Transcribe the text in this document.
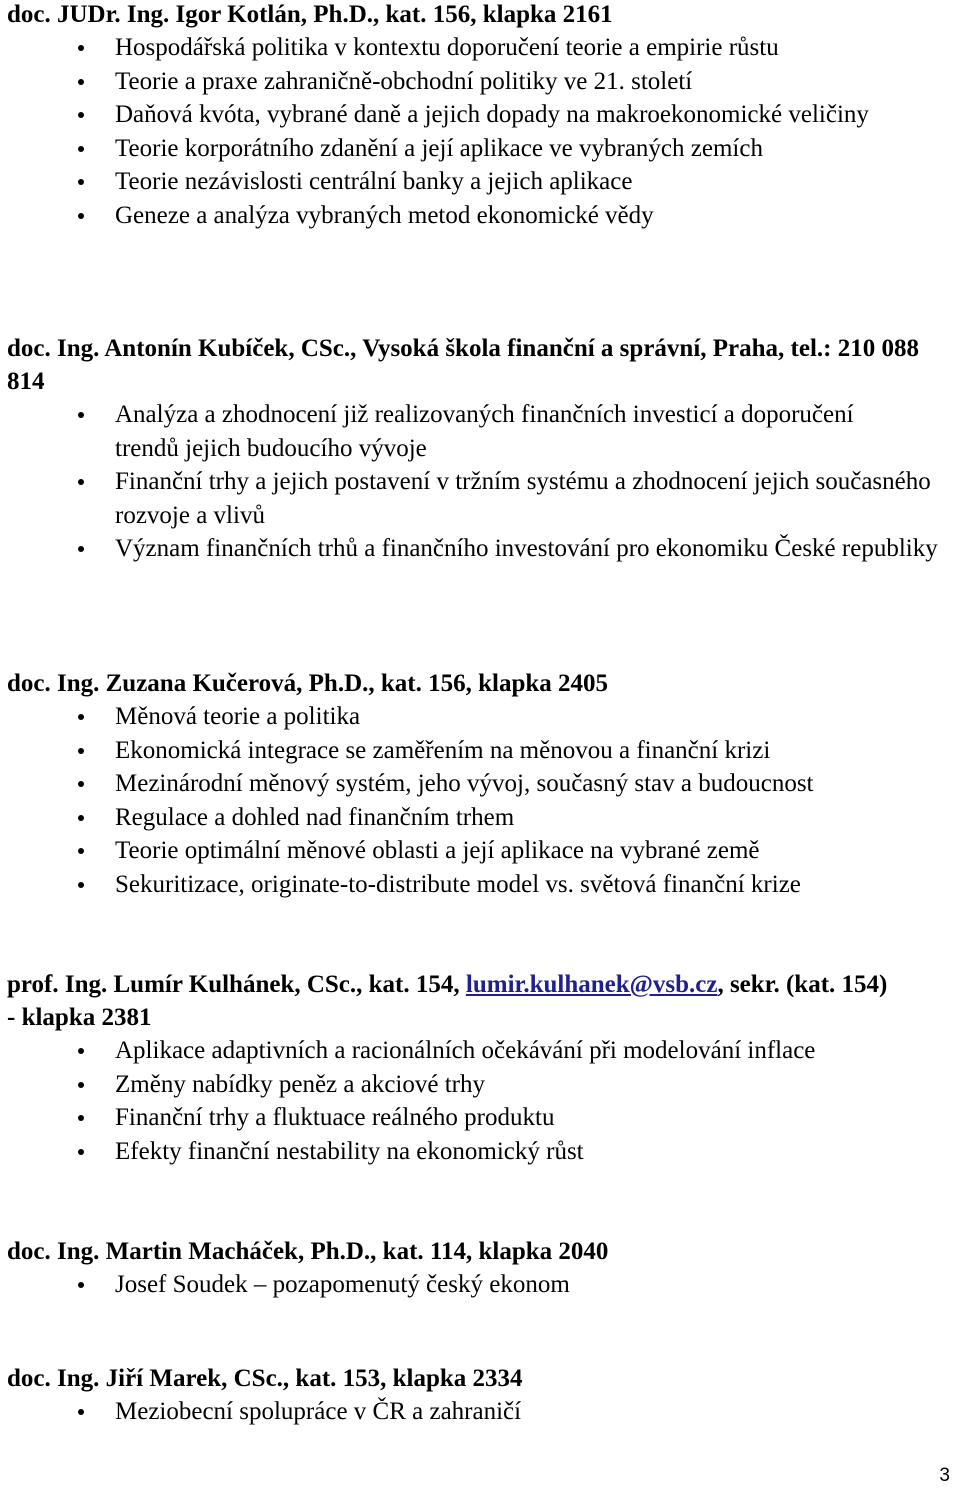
doc. JUDr. Ing. Igor Kotlán, Ph.D., kat. 156, klapka 2161

Hospodářská politika v kontextu doporučení teorie a empirie růstu
Teorie a praxe zahraničně-obchodní politiky ve 21. století
Daňová kvóta, vybrané daně a jejich dopady na makroekonomické veličiny
Teorie korporátního zdanění a její aplikace ve vybraných zemích
Teorie nezávislosti centrální banky a jejich aplikace
Geneze a analýza vybraných metod ekonomické vědy

doc. Ing. Antonín Kubíček, CSc., Vysoká škola finanční a správní, Praha, tel.: 210 088 814

Analýza a zhodnocení již realizovaných finančních investicí a doporučení trendů jejich budoucího vývoje
Finanční trhy a jejich postavení v tržním systému a zhodnocení jejich současného rozvoje a vlivů
Význam finančních trhů a finančního investování pro ekonomiku České republiky

doc. Ing. Zuzana Kučerová, Ph.D., kat. 156, klapka 2405

Měnová teorie a politika
Ekonomická integrace se zaměřením na měnovou a finanční krizi
Mezinárodní měnový systém, jeho vývoj, současný stav a budoucnost
Regulace a dohled nad finančním trhem
Teorie optimální měnové oblasti a její aplikace na vybrané země
Sekuritizace, originate-to-distribute model vs. světová finanční krize

prof. Ing. Lumír Kulhánek, CSc., kat. 154, lumir.kulhanek@vsb.cz, sekr. (kat. 154) - klapka 2381

Aplikace adaptivních a racionálních očekávání při modelování inflace
Změny nabídky peněz a akciové trhy
Finanční trhy a fluktuace reálného produktu
Efekty finanční nestability na ekonomický růst

doc. Ing. Martin Macháček, Ph.D., kat. 114, klapka 2040

Josef Soudek – pozapomenutý český ekonom

doc. Ing. Jiří Marek, CSc., kat. 153, klapka 2334

Meziobecní spolupráce v ČR a zahraničí
3
